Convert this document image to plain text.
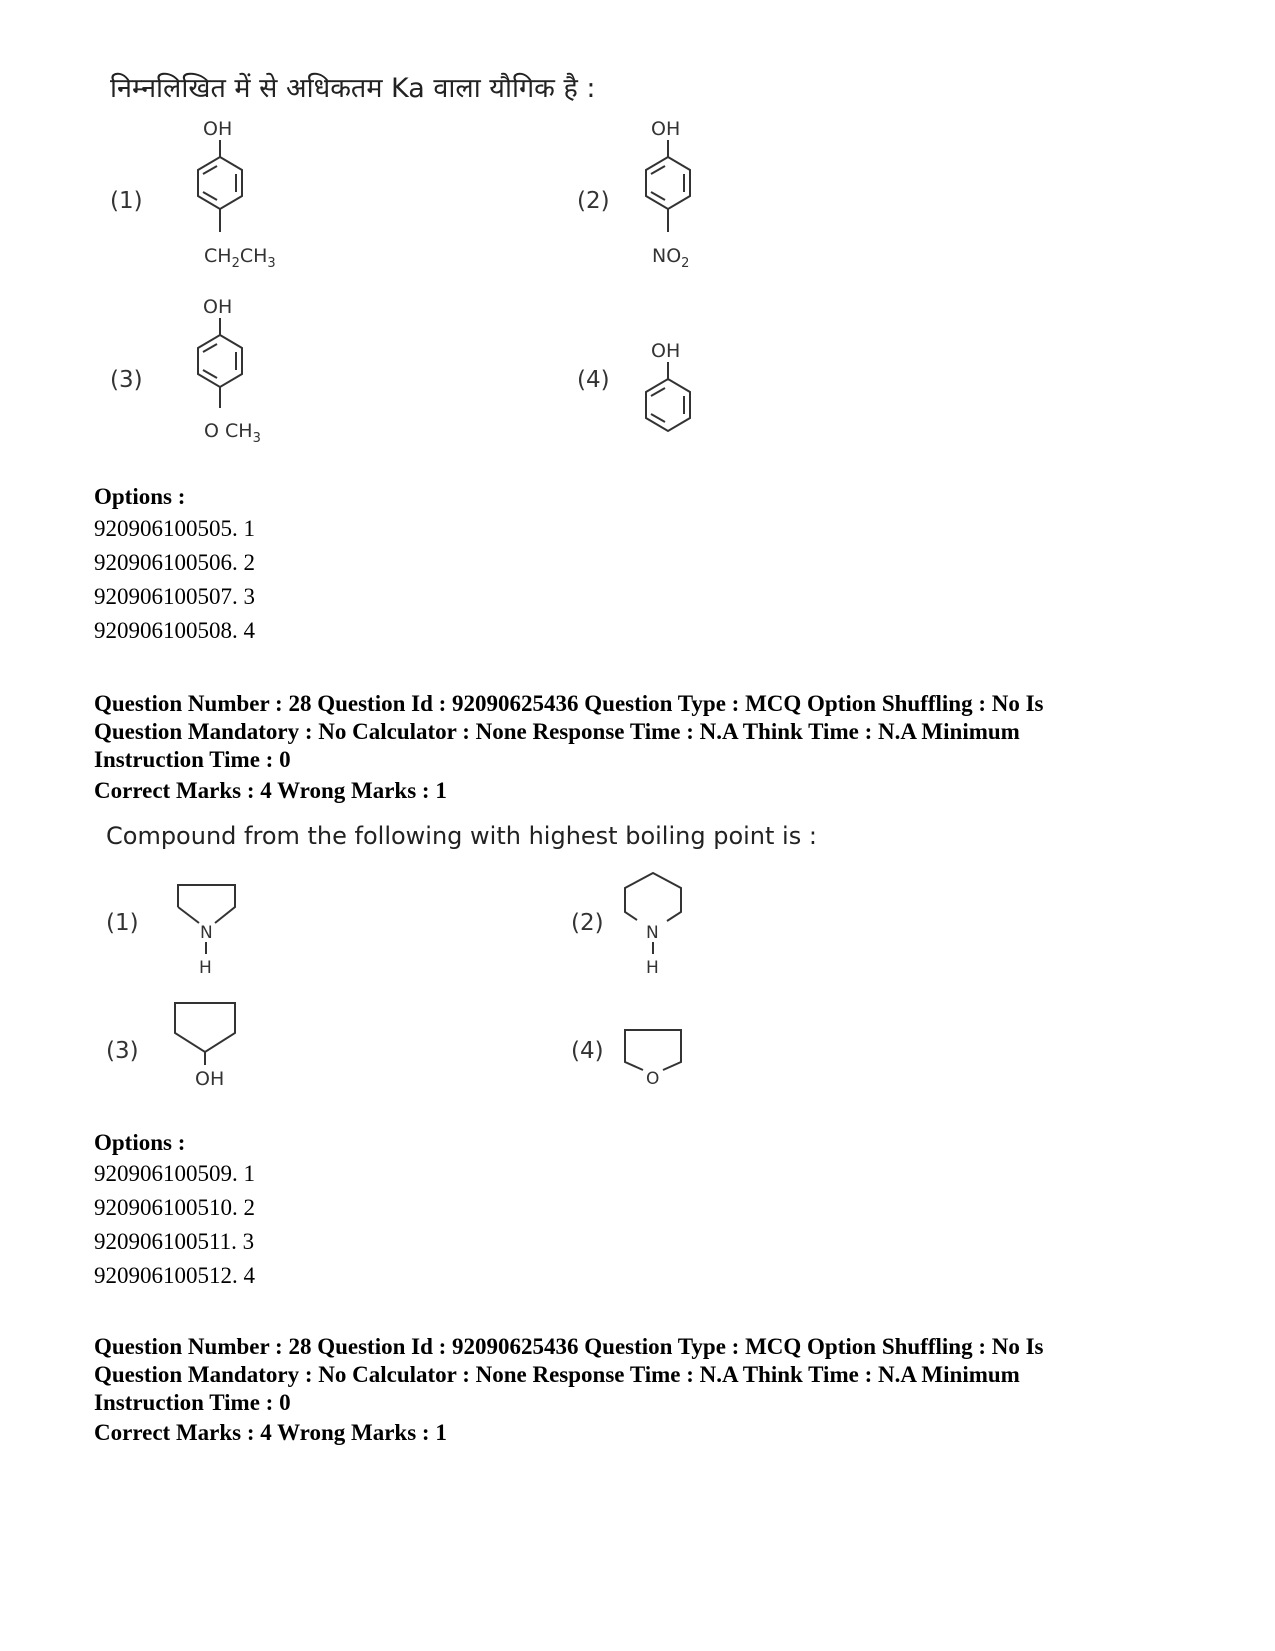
निम्नलिखित में से अधिकतम Ka वाला यौगिक है :
(1)	(2)
(3)	(4)
OH
$CH_2CH_3$
OH
$NO_2$
OH
O $CH_3$
OH
Options :
920906100505. 1
920906100506. 2
920906100507. 3
920906100508. 4
Question Number : 28 Question Id : 92090625436 Question Type : MCQ Option Shuffling : No Is
Question Mandatory : No Calculator : None Response Time : N.A Think Time : N.A Minimum
Instruction Time : 0
Correct Marks : 4 Wrong Marks : 1
Compound from the following with highest boiling point is :
(1)	(2)
(3)	(4)
N
H
N
H
OH	O
Options :
920906100509. 1
920906100510. 2
920906100511. 3
920906100512. 4
Question Number : 28 Question Id : 92090625436 Question Type : MCQ Option Shuffling : No Is
Question Mandatory : No Calculator : None Response Time : N.A Think Time : N.A Minimum
Instruction Time : 0
Correct Marks : 4 Wrong Marks : 1
